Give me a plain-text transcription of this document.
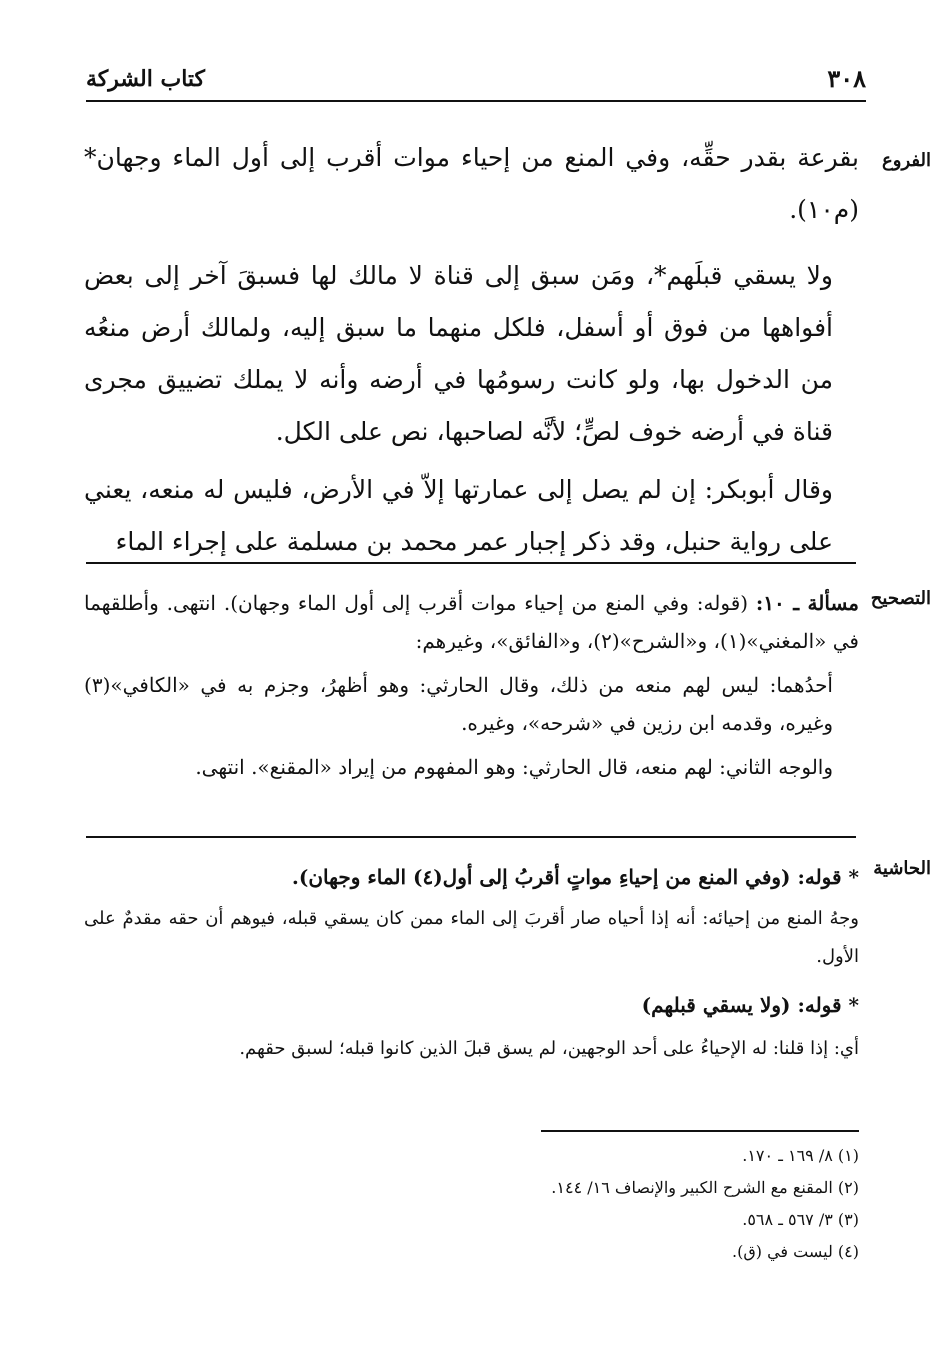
٣٠٨
كتاب الشركة
الفروع
التصحيح
الحاشية

بقرعة بقدر حقِّه، وفي المنع من إحياء موات أقرب إلى أول الماء وجهان*(م١٠).

ولا يسقي قبلَهم*، ومَن سبق إلى قناة لا مالك لها فسبقَ آخر إلى بعض أفواهها من فوق أو أسفل، فلكل منهما ما سبق إليه، ولمالك أرض منعُه من الدخول بها، ولو كانت رسومُها في أرضه وأنه لا يملك تضييق مجرى قناة في أرضه خوف لصٍّ؛ لأنَّه لصاحبها، نص على الكل.

وقال أبوبكر: إن لم يصل إلى عمارتها إلاّ في الأرض، فليس له منعه، يعني على رواية حنبل، وقد ذكر إجبار عمر محمد بن مسلمة على إجراء الماء

مسألة ـ ١٠: (قوله: وفي المنع من إحياء موات أقرب إلى أول الماء وجهان). انتهى. وأطلقهما في «المغني»(١)، و«الشرح»(٢)، و«الفائق»، وغيرهم:

أحدُهما: ليس لهم منعه من ذلك، وقال الحارثي: وهو أظهرُ، وجزم به في «الكافي»(٣) وغيره، وقدمه ابن رزين في «شرحه»، وغيره.

والوجه الثاني: لهم منعه، قال الحارثي: وهو المفهوم من إيراد «المقنع». انتهى.

* قوله: (وفي المنع من إحياءِ مواتٍ أقربُ إلى أول(٤) الماء وجهان).

وجهُ المنع من إحيائه: أنه إذا أحياه صار أقربَ إلى الماء ممن كان يسقي قبله، فيوهم أن حقه مقدمٌ على الأول.

* قوله: (ولا يسقي قبلهم)

أي: إذا قلنا: له الإحياءُ على أحد الوجهين، لم يسق قبلَ الذين كانوا قبله؛ لسبق حقهم.

(١) ٨/ ١٦٩ ـ ١٧٠.

(٢) المقنع مع الشرح الكبير والإنصاف ١٦/ ١٤٤.

(٣) ٣/ ٥٦٧ ـ ٥٦٨.

(٤) ليست في (ق).
